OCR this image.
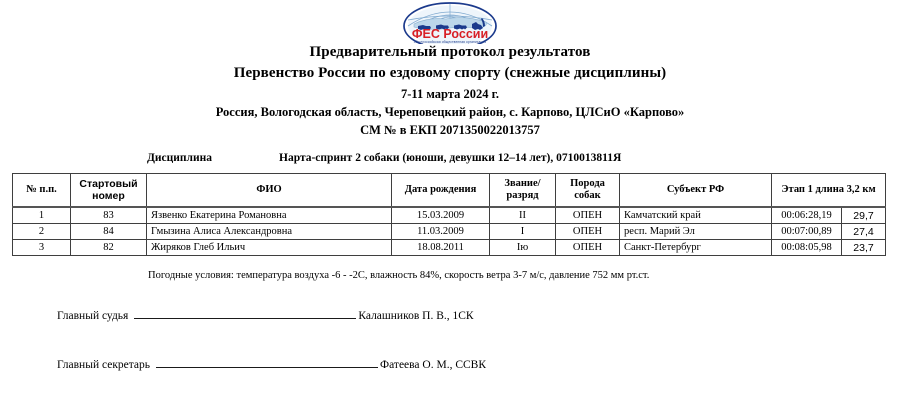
ФЕС России
общероссийская общественная организация
Предварительный протокол результатов
Первенство России по ездовому спорту (снежные дисциплины)
7-11 марта 2024 г.
Россия, Вологодская область, Череповецкий район, с. Карпово, ЦЛСиО «Карпово»
СМ № в ЕКП 2071350022013757
Дисциплина	Нарта-спринт 2 собаки (юноши, девушки 12–14 лет), 0710013811Я
№ п.п.	Стартовый номер	ФИО	Дата рождения	Звание/ разряд	Порода собак	Субъект РФ	Этап 1 длина 3,2 км	
1	83	Язвенко Екатерина Романовна	15.03.2009	II	ОПЕН	Камчатский край	00:06:28,19	29,7
2	84	Гмызина Алиса Александровна	11.03.2009	I	ОПЕН	респ. Марий Эл	00:07:00,89	27,4
3	82	Жиряков Глеб Ильич	18.08.2011	Iю	ОПЕН	Санкт-Петербург	00:08:05,98	23,7
Погодные условия: температура воздуха -6 - -2С, влажность 84%, скорость ветра 3-7 м/с, давление 752 мм рт.ст.
Главный судья	Калашников П. В., 1СК
Главный секретарь	Фатеева О. М., ССВК
